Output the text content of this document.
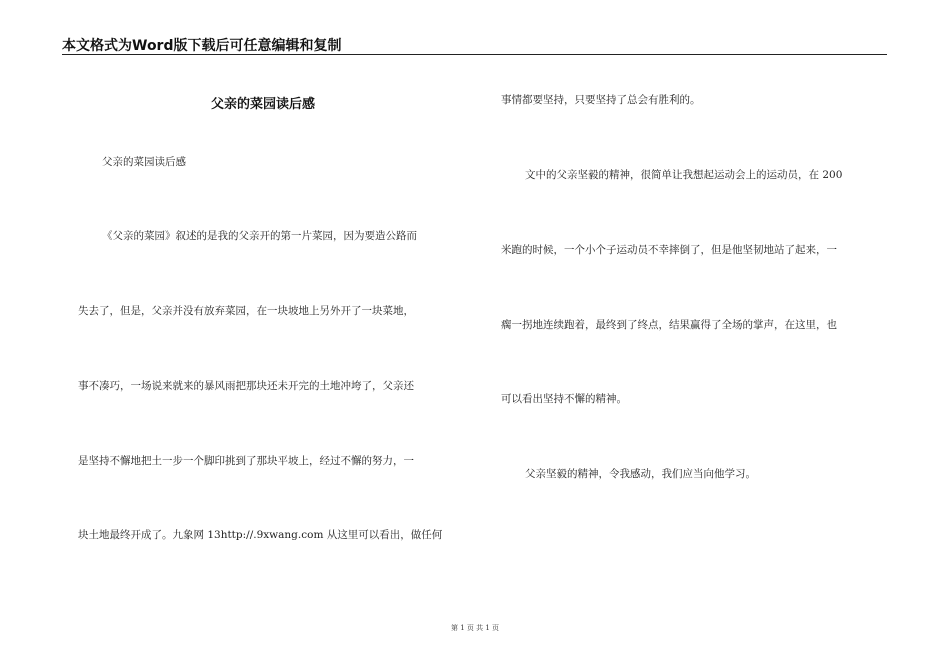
本文格式为Word版下载后可任意编辑和复制
父亲的菜园读后感
父亲的菜园读后感
《父亲的菜园》叙述的是我的父亲开的第一片菜园，因为要造公路而
失去了，但是，父亲并没有放弃菜园，在一块坡地上另外开了一块菜地，
事不凑巧，一场说来就来的暴风雨把那块还未开完的土地冲垮了，父亲还
是坚持不懈地把土一步一个脚印挑到了那块平坡上，经过不懈的努力，一
块土地最终开成了。九象网 13http://.9xwang.com 从这里可以看出，做任何
事情都要坚持，只要坚持了总会有胜利的。
文中的父亲坚毅的精神，很简单让我想起运动会上的运动员，在 200
米跑的时候，一个小个子运动员不幸摔倒了，但是他坚韧地站了起来，一
瘸一拐地连续跑着，最终到了终点，结果赢得了全场的掌声，在这里，也
可以看出坚持不懈的精神。
父亲坚毅的精神，令我感动，我们应当向他学习。
第 1 页 共 1 页
